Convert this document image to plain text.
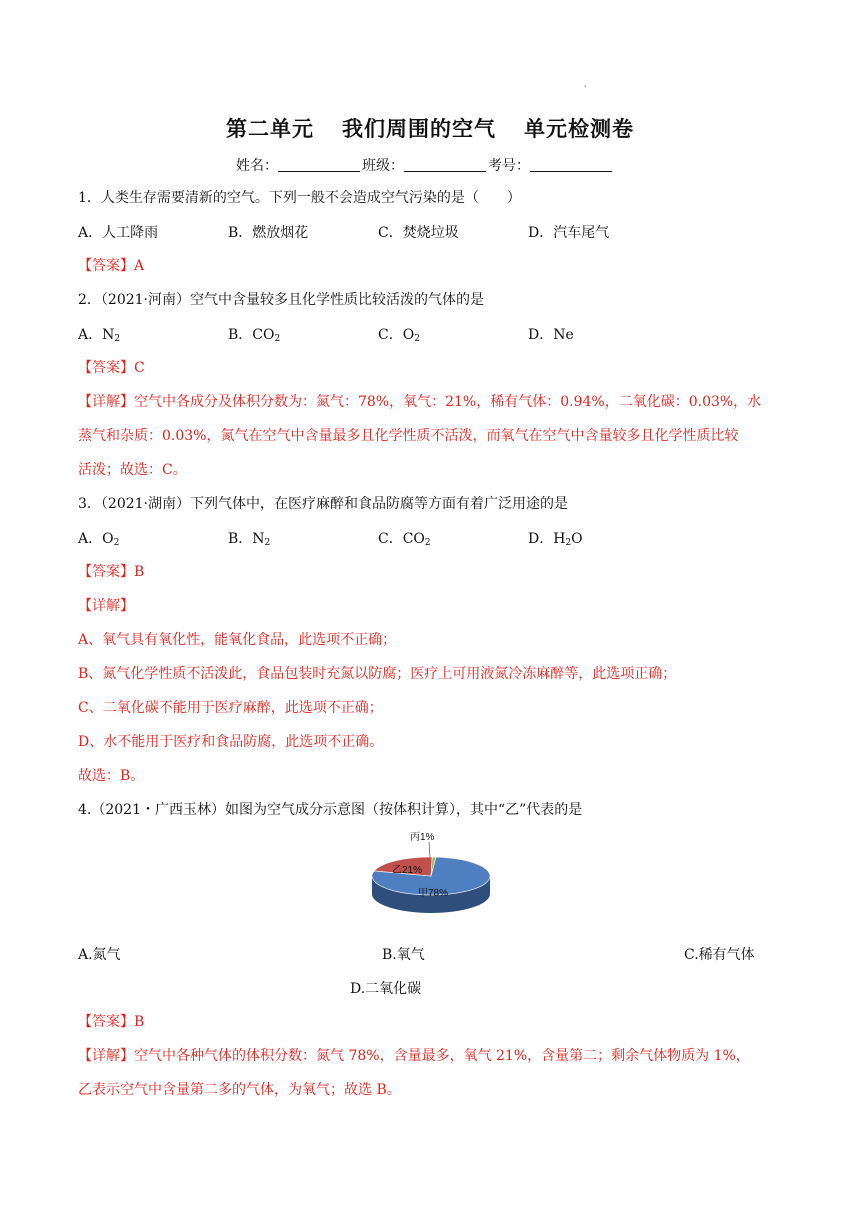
'
第二单元 我们周围的空气 单元检测卷
姓名：	班级：	考号：
1．人类生存需要清新的空气。下列一般不会造成空气污染的是（　　）
A．人工降雨	B．燃放烟花	C．焚烧垃圾	D．汽车尾气
【答案】A
2．（2021·河南）空气中含量较多且化学性质比较活泼的气体的是
A．$N_2$	B．$CO_2$	C．$O_2$	D．Ne
【答案】C
【详解】空气中各成分及体积分数为：氮气：78%，氧气：21%，稀有气体：0.94%，二氧化碳：0.03%，水
蒸气和杂质：0.03%，氮气在空气中含量最多且化学性质不活泼，而氧气在空气中含量较多且化学性质比较
活泼；故选：C。
3．（2021·湖南）下列气体中，在医疗麻醉和食品防腐等方面有着广泛用途的是
A．$O_2$	B．$N_2$	C．$CO_2$	D．$H_2O$
【答案】B
【详解】
A、氧气具有氧化性，能氧化食品，此选项不正确；
B、氮气化学性质不活泼此，食品包装时充氮以防腐；医疗上可用液氮冷冻麻醉等，此选项正确；
C、二氧化碳不能用于医疗麻醉，此选项不正确；
D、水不能用于医疗和食品防腐，此选项不正确。
故选：B。
4.（2021・广西玉林）如图为空气成分示意图（按体积计算），其中“乙”代表的是
丙1%
乙21%
甲78%
A.氮气	B.氧气	C.稀有气体
D.二氧化碳
【答案】B
【详解】空气中各种气体的体积分数：氮气 78%，含量最多，氧气 21%，含量第二；剩余气体物质为 1%，
乙表示空气中含量第二多的气体，为氧气；故选 B。
